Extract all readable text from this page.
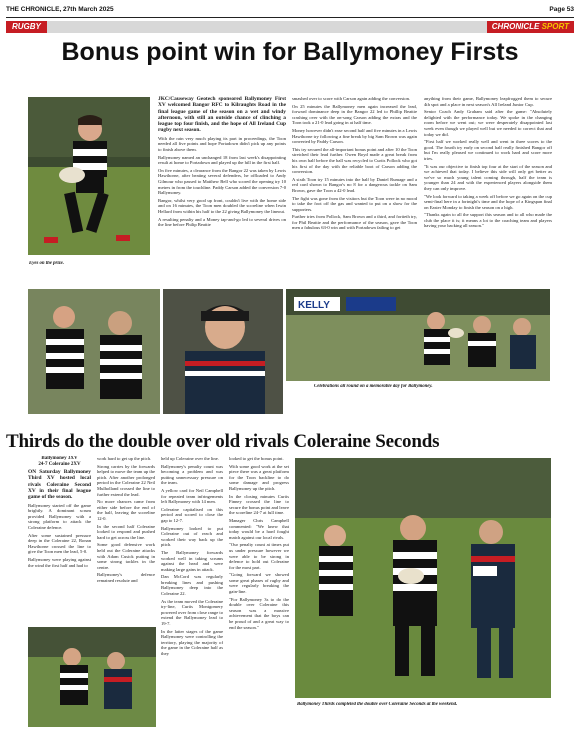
THE CHRONICLE, 27th March 2025	Page 53
RUGBY	CHRONICLE SPORT
Bonus point win for Ballymoney Firsts
Eyes on the prize.

JKC/Causeway Geotech sponsored Ballymoney First XV welcomed Bangor RFC to Kilraughts Road in the final league game of the season on a wet and windy afternoon, with still an outside chance of clinching a league top four finish, and the hope of All Ireland Cup rugby next season.

With the rain very much playing its part in proceedings, the Toon needed all five points and hope Portadown didn't pick up any points to finish above them.

Ballymoney named an unchanged 18 from last week's disappointing result at home to Portadown and played up the hill in the first half.

On five minutes, a clearance from the Bangor 22 was taken by Lewis Hawthorne, after beating several defenders, he offloaded to Andy Gilmour who passed to Matthew Bell who scored the opening try 10 metres in from the touchline. Paddy Carson added the conversion 7-0 Ballymoney.

Bangor, whilst very good up front, couldn't live with the home side and on 16 minutes, the Toon men doubled the scoreline when Irwin Hellard from within his half to the 22 giving Ballymoney the lineout.

A resulting penalty and a Money tap-and-go led to several drives on the line before Philip Beattie

smashed over to score with Carson again adding the conversion.

On 25 minutes the Ballymoney men again increased the lead, forward dominance deep in the Bangor 22 led to Phillip Beattie crashing over with the on-song Carson adding the extras and the Toon took a 21-0 lead going in at half time.

Money however didn't ease second half and five minutes in a Lewis Hawthorne try following a fine break by big Sam Brown was again converted by Paddy Carson.

This try secured the all-important bonus point and after 10 the Toon stretched their lead further. Owen Boyd made a great break from his own half before the ball was recycled to Curtis Pollock who got his first of the day with the reliable boot of Carson adding the conversion.

A sixth Toon try 15 minutes into the half by Daniel Rumage and a red card shown to Bangor's no 8 for a dangerous tackle on Sam Brown, gave the Toon a 42-0 lead.

The fight was gone from the visitors but the Toon were in no mood to take the foot off the gas and wanted to put on a show for the supporters.

Further tries from Pollock, Sam Brown and a third, and fortieth try, for Phil Beattie and the performance of the season, gave the Toon men a fabulous 63-0 win and with Portadown failing to get

anything from their game, Ballymoney leapfrogged them to secure 4th spot and a place in next season's All Ireland Junior Cup.

Senior Coach Andy Graham said after the game: "Absolutely delighted with the performance today. We spoke in the changing room before we went out; we were desperately disappointed last week even though we played well but we needed to correct that and today we did.

"First half we worked really well and went in three scores to the good. The fourth try early on second half really finished Bangor off but I'm really pleased we continued to work hard and score more tries.

"It was our objective to finish top four at the start of the season and we achieved that today. I believe this side will only get better as we've so much young talent coming through, half the team is younger than 24 and with the experienced players alongside them they can only improve.

"We look forward to taking a week off before we go again on the cup semi-final here in a fortnight's time and the hope of a Kingspan final on Easter Monday to finish the season on a high.

"Thanks again to all the support this season and to all who made the club the place it is; it means a lot to the coaching team and players having your backing all season."

KELLY
Celebrations all round on a memorable day for Ballymoney.
Thirds do the double over old rivals Coleraine Seconds

Ballymoney 3XV

24-7 Coleraine 2XV

ON Saturday Ballymoney Third XV hosted local rivals Coleraine Second XV in their final league game of the season.

Ballymoney started off the game brightly. A dominant scrum provided Ballymoney with a strong platform to attack the Coleraine defence.

After some sustained pressure deep in the Coleraine 22, Ronan Hawthorne crossed the line to give the Toon men the lead, 5-0.

Ballymoney were playing against the wind the first half and had to

work hard to get up the pitch.

Strong carries by the forwards helped to move the team up the pitch. After another prolonged period in the Coleraine 22 Neil Mulholland crossed the line to further extend the lead.

No more chances came from either side before the end of the half, leaving the scoreline 12-0.

In the second half Coleraine looked to respond and pushed hard to get across the line.

Some good defensive work held out the Coleraine attacks with Adam Cusick putting in some strong tackles in the centre.

Ballymoney's defence remained resolute and

held up Coleraine over the line.

Ballymoney's penalty count was becoming a problem and was putting unnecessary pressure on the team.

A yellow card for Neil Campbell for repeated team infringements left Ballymoney with 14 men.

Coleraine capitalised on this period and scored to close the gap to 12-7.

Ballymoney looked to put Coleraine out of reach and worked their way back up the pitch.

The Ballymoney forwards worked well in taking scrums against the head and were making large gains in attack.

Dan McCord was regularly breaking lines and pushing Ballymoney deep into the Coleraine 22.

As the team moved the Coleraine try-line, Curtis Montgomery powered over from close range to extend the Ballymoney lead to 19-7.

In the latter stages of the game Ballymoney were controlling the territory, playing the majority of the game in the Coleraine half as they

looked to get the bonus point.

With some good work at the set piece there was a great platform for the Toon backline to do some damage and progress Ballymoney up the pitch.

In the closing minutes Curtis Finney crossed the line to secure the bonus point and leave the scoreline 24-7 at full time.

Manager Chris Campbell commented: "We knew that today would be a hard fought match against our local rivals.

"Our penalty count at times put us under pressure however we were able to be strong in defence to hold out Coleraine for the most part.

"Going forward we showed some great phases of rugby and were regularly breaking the gain-line.

"For Ballymoney 3s to do the double over Coleraine this season was a massive achievement that the boys can be proud of and a great way to end the season."

Ballymoney Thirds completed the double over Coleraine Seconds at the weekend.
